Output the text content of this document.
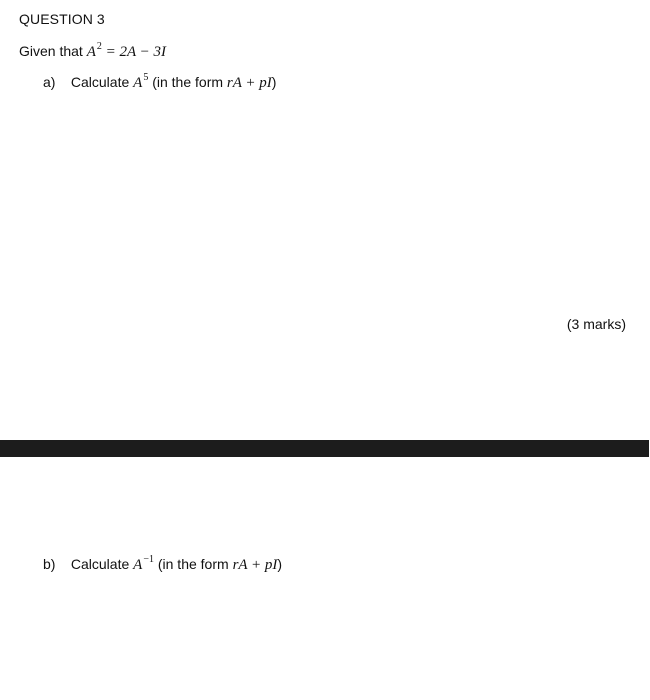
QUESTION 3
Given that $A^2 = 2A - 3I$
a) Calculate $A^5$ (in the form rA + pI)
(3 marks)
b) Calculate $A^{-1}$ (in the form rA + pI)
